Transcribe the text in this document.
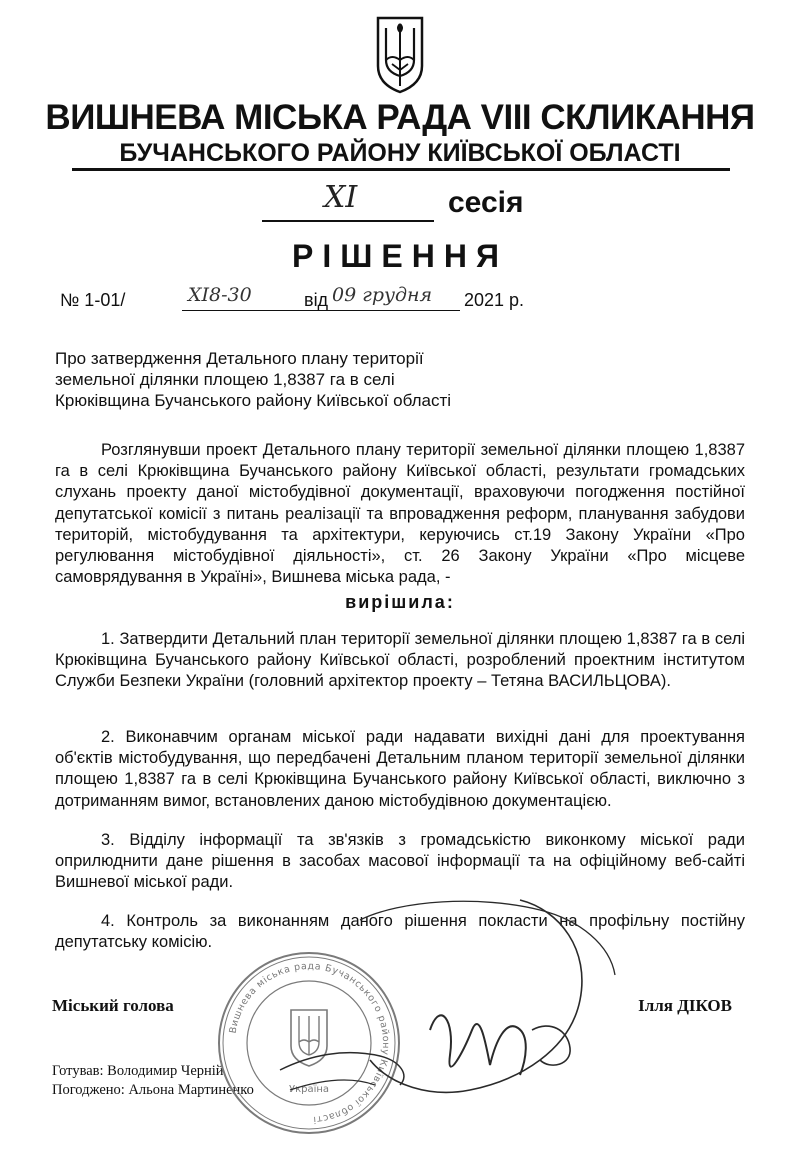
ВИШНЕВА МІСЬКА РАДА VIII СКЛИКАННЯ
БУЧАНСЬКОГО РАЙОНУ КИЇВСЬКОЇ ОБЛАСТІ
XI	сесія
РІШЕННЯ
№ 1-01/	XI8-30	від 09 грудня 2021 р.
Про затвердження Детального плану території
земельної ділянки площею 1,8387 га в селі
Крюківщина Бучанського району Київської області
Розглянувши проект Детального плану території земельної ділянки площею 1,8387 га в селі Крюківщина Бучанського району Київської області, результати громадських слухань проекту даної містобудівної документації, враховуючи погодження постійної депутатської комісії з питань реалізації та впровадження реформ, планування забудови територій, містобудування та архітектури, керуючись ст.19 Закону України «Про регулювання містобудівної діяльності», ст. 26 Закону України «Про місцеве самоврядування в Україні», Вишнева міська рада, -
вирішила:
1. Затвердити Детальний план території земельної ділянки площею 1,8387 га в селі Крюківщина Бучанського району Київської області, розроблений проектним інститутом Служби Безпеки України (головний архітектор проекту – Тетяна ВАСИЛЬЦОВА).
2. Виконавчим органам міської ради надавати вихідні дані для проектування об'єктів містобудування, що передбачені Детальним планом території земельної ділянки площею 1,8387 га в селі Крюківщина Бучанського району Київської області, виключно з дотриманням вимог, встановлених даною містобудівною документацією.
3. Відділу інформації та зв'язків з громадськістю виконкому міської ради оприлюднити дане рішення в засобах масової інформації та на офіційному веб-сайті Вишневої міської ради.
4. Контроль за виконанням даного рішення покласти на профільну постійну депутатську комісію.
Міський голова	Ілля ДІКОВ
Готував: Володимир Черній
Погоджено: Альона Мартиненко
Вишнева міська рада Бучанського району Київської області
Україна
